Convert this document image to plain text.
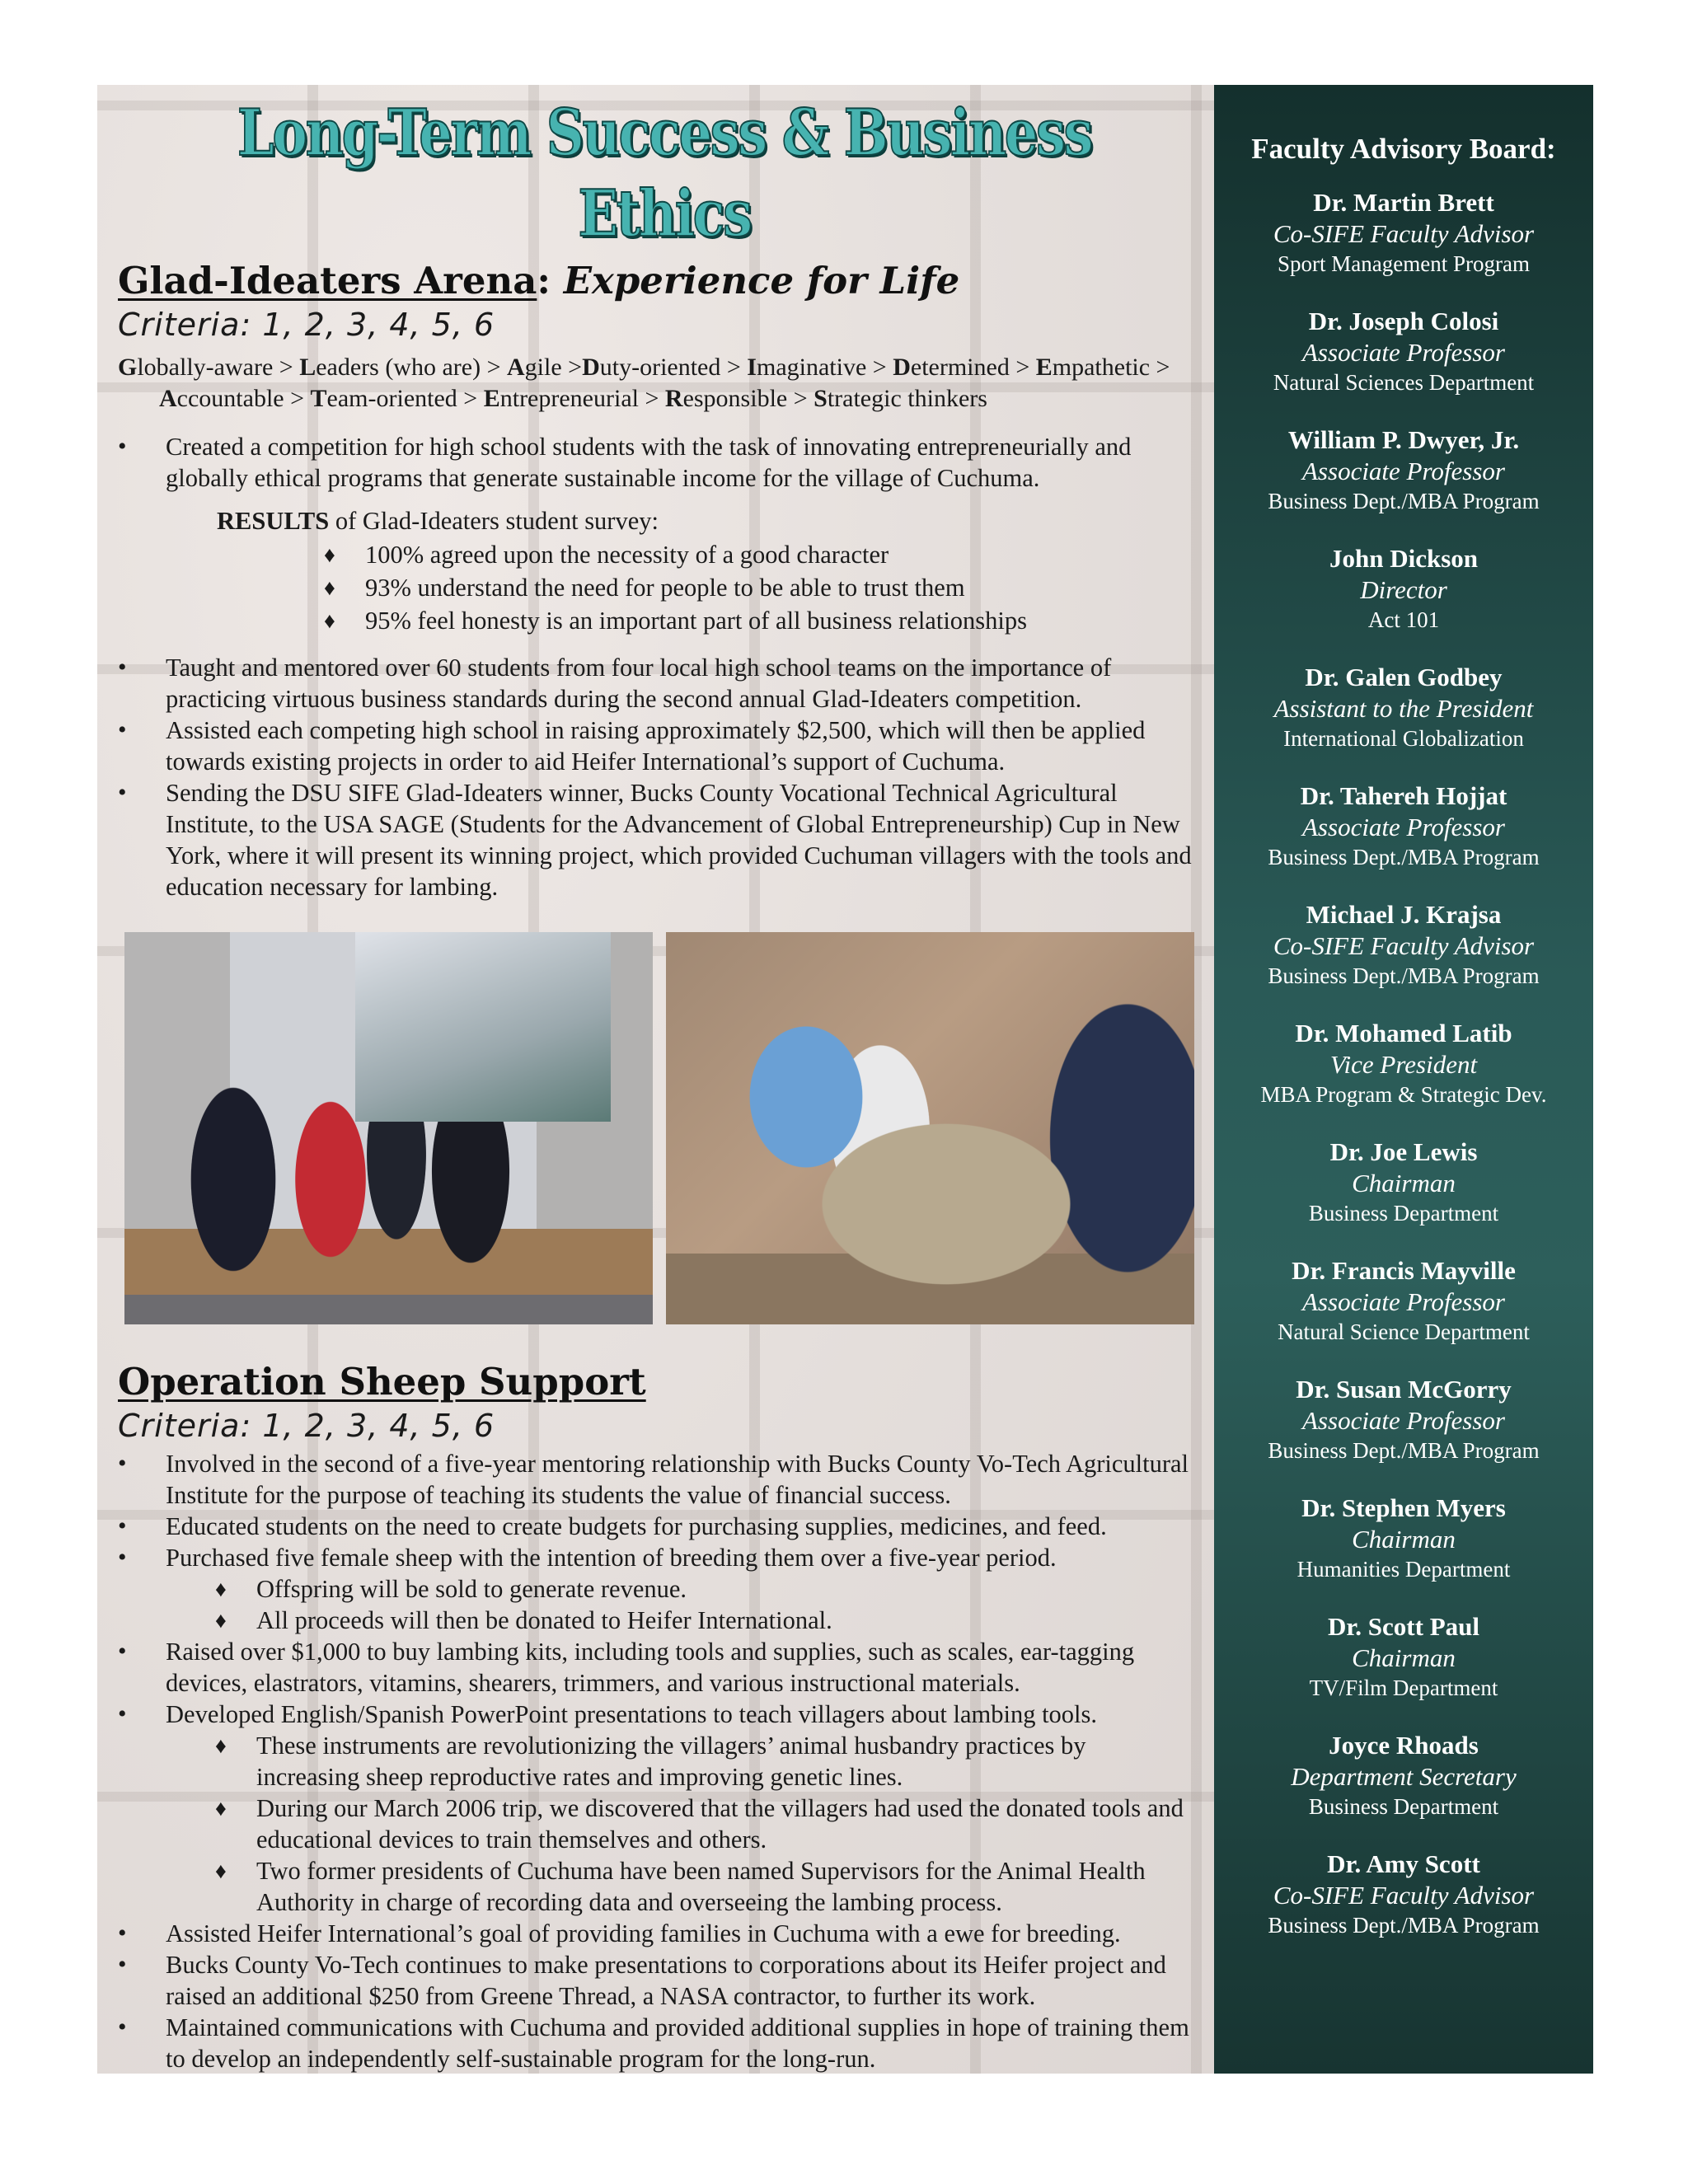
Long-Term Success & Business Ethics
Glad-Ideaters Arena: Experience for Life
Criteria: 1, 2, 3, 4, 5, 6

Globally-aware > Leaders (who are) > Agile >Duty-oriented > Imaginative > Determined > Empathetic > Accountable > Team-oriented > Entrepreneurial > Responsible > Strategic thinkers

• Created a competition for high school students with the task of innovating entrepreneurially and globally ethical programs that generate sustainable income for the village of Cuchuma.

RESULTS of Glad-Ideaters student survey:

♦ 100% agreed upon the necessity of a good character
♦ 93% understand the need for people to be able to trust them
♦ 95% feel honesty is an important part of all business relationships
• Taught and mentored over 60 students from four local high school teams on the importance of practicing virtuous business standards during the second annual Glad-Ideaters competition.
• Assisted each competing high school in raising approximately $2,500, which will then be applied towards existing projects in order to aid Heifer International’s support of Cuchuma.
• Sending the DSU SIFE Glad-Ideaters winner, Bucks County Vocational Technical Agricultural Institute, to the USA SAGE (Students for the Advancement of Global Entrepreneurship) Cup in New York, where it will present its winning project, which provided Cuchuman villagers with the tools and education necessary for lambing.
Operation Sheep Support
Criteria: 1, 2, 3, 4, 5, 6
• Involved in the second of a five-year mentoring relationship with Bucks County Vo-Tech Agricultural Institute for the purpose of teaching its students the value of financial success.
• Educated students on the need to create budgets for purchasing supplies, medicines, and feed.
• Purchased five female sheep with the intention of breeding them over a five-year period.
♦ Offspring will be sold to generate revenue.
♦ All proceeds will then be donated to Heifer International.
• Raised over $1,000 to buy lambing kits, including tools and supplies, such as scales, ear-tagging devices, elastrators, vitamins, shearers, trimmers, and various instructional materials.
• Developed English/Spanish PowerPoint presentations to teach villagers about lambing tools.
♦ These instruments are revolutionizing the villagers’ animal husbandry practices by increasing sheep reproductive rates and improving genetic lines.
♦ During our March 2006 trip, we discovered that the villagers had used the donated tools and educational devices to train themselves and others.
♦ Two former presidents of Cuchuma have been named Supervisors for the Animal Health Authority in charge of recording data and overseeing the lambing process.
• Assisted Heifer International’s goal of providing families in Cuchuma with a ewe for breeding.
• Bucks County Vo-Tech continues to make presentations to corporations about its Heifer project and raised an additional $250 from Greene Thread, a NASA contractor, to further its work.
• Maintained communications with Cuchuma and provided additional supplies in hope of training them to develop an independently self-sustainable program for the long-run.
Faculty Advisory Board:
Dr. Martin Brett
Co-SIFE Faculty Advisor
Sport Management Program
Dr. Joseph Colosi
Associate Professor
Natural Sciences Department
William P. Dwyer, Jr.
Associate Professor
Business Dept./MBA Program
John Dickson
Director
Act 101
Dr. Galen Godbey
Assistant to the President
International Globalization
Dr. Tahereh Hojjat
Associate Professor
Business Dept./MBA Program
Michael J. Krajsa
Co-SIFE Faculty Advisor
Business Dept./MBA Program
Dr. Mohamed Latib
Vice President
MBA Program & Strategic Dev.
Dr. Joe Lewis
Chairman
Business Department
Dr. Francis Mayville
Associate Professor
Natural Science Department
Dr. Susan McGorry
Associate Professor
Business Dept./MBA Program
Dr. Stephen Myers
Chairman
Humanities Department
Dr. Scott Paul
Chairman
TV/Film Department
Joyce Rhoads
Department Secretary
Business Department
Dr. Amy Scott
Co-SIFE Faculty Advisor
Business Dept./MBA Program
